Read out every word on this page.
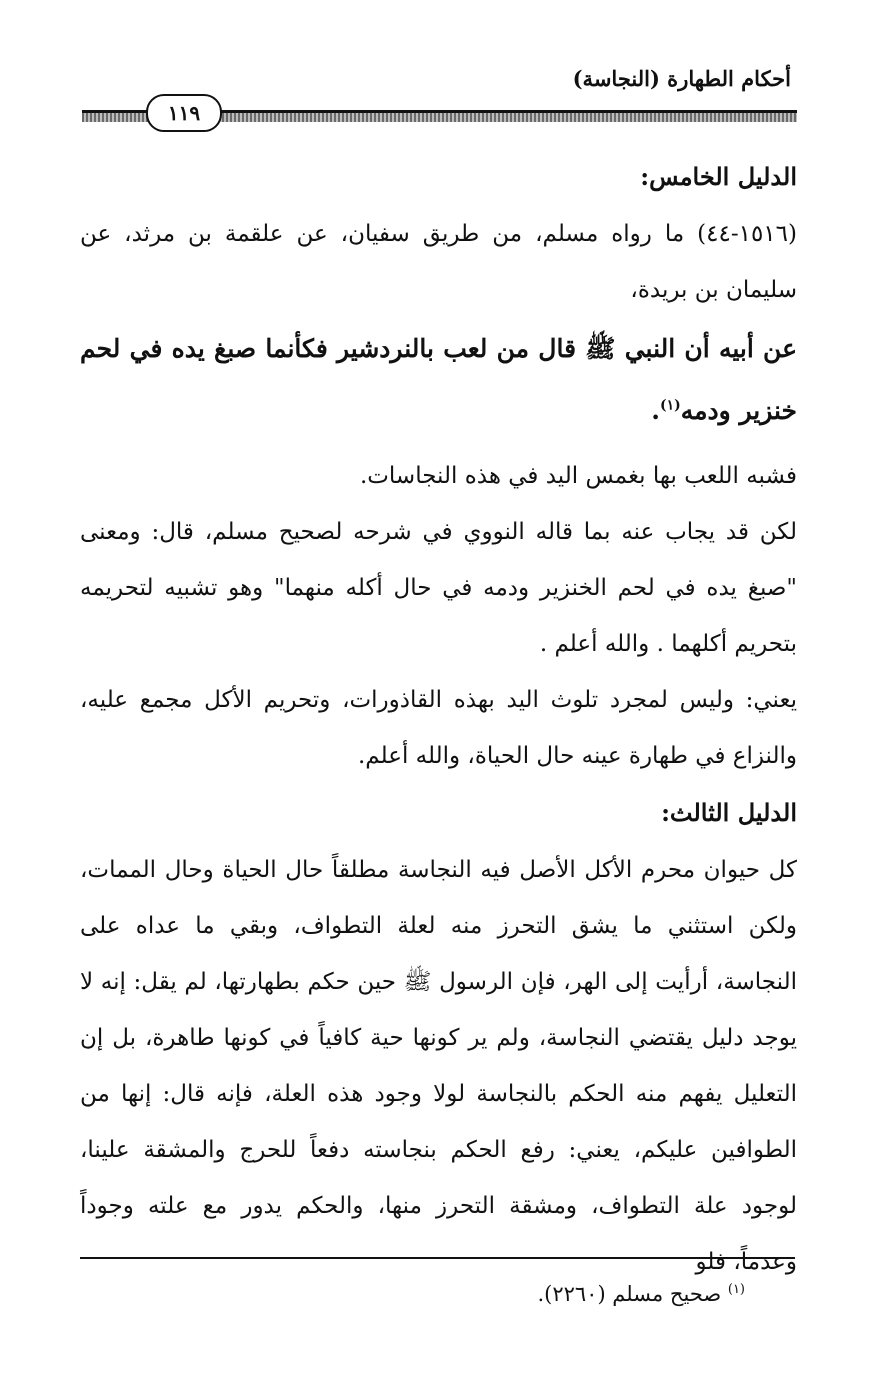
أحكام الطهارة (النجاسة)
١١٩

الدليل الخامس:

(١٥١٦-٤٤) ما رواه مسلم، من طريق سفيان، عن علقمة بن مرثد، عن سليمان بن بريدة،

عن أبيه أن النبي ﷺ قال من لعب بالنردشير فكأنما صبغ يده في لحم خنزير ودمه$^{(١)}$.

فشبه اللعب بها بغمس اليد في هذه النجاسات.

لكن قد يجاب عنه بما قاله النووي في شرحه لصحيح مسلم، قال: ومعنى "صبغ يده في لحم الخنزير ودمه في حال أكله منهما" وهو تشبيه لتحريمه بتحريم أكلهما . والله أعلم .

يعني: وليس لمجرد تلوث اليد بهذه القاذورات، وتحريم الأكل مجمع عليه، والنزاع في طهارة عينه حال الحياة، والله أعلم.

الدليل الثالث:

كل حيوان محرم الأكل الأصل فيه النجاسة مطلقاً حال الحياة وحال الممات، ولكن استثني ما يشق التحرز منه لعلة التطواف، وبقي ما عداه على النجاسة، أرأيت إلى الهر، فإن الرسول ﷺ حين حكم بطهارتها، لم يقل: إنه لا يوجد دليل يقتضي النجاسة، ولم ير كونها حية كافياً في كونها طاهرة، بل إن التعليل يفهم منه الحكم بالنجاسة لولا وجود هذه العلة، فإنه قال: إنها من الطوافين عليكم، يعني: رفع الحكم بنجاسته دفعاً للحرج والمشقة علينا، لوجود علة التطواف، ومشقة التحرز منها، والحكم يدور مع علته وجوداً وعدماً، فلو

$^{(١)}$ صحيح مسلم (٢٢٦٠).
